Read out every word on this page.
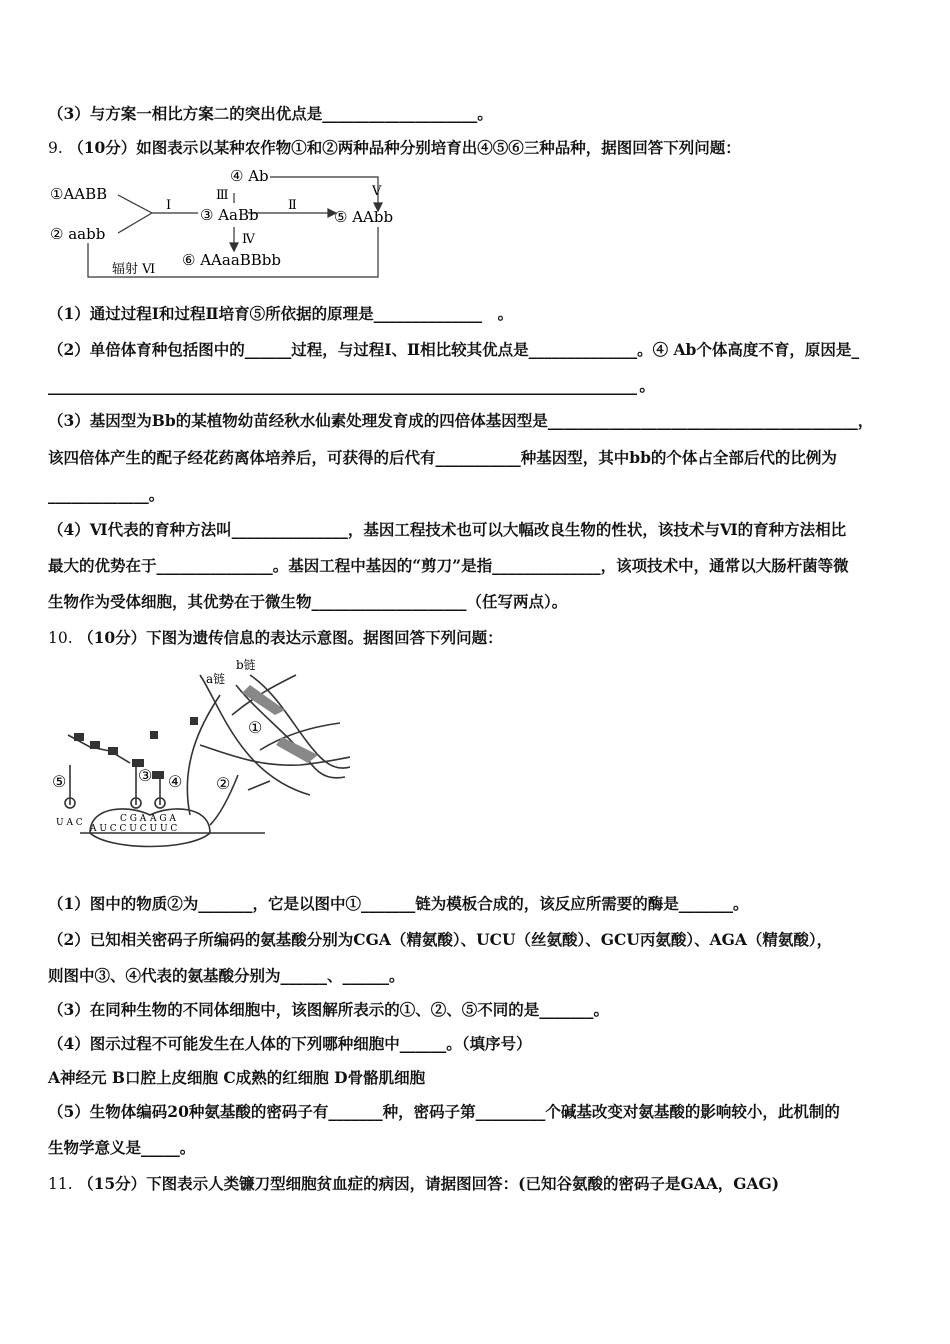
（3）与方案一相比方案二的突出优点是____________________。
9. （10分）如图表示以某种农作物①和②两种品种分别培育出④⑤⑥三种品种，据图回答下列问题：
①AABB
② aabb
③ AaBb
④ Ab
⑤ AAbb
⑥ AAaaBBbb
Ⅰ	Ⅱ
Ⅲ
Ⅳ
Ⅴ
辐射 Ⅵ
（1）通过过程Ⅰ和过程Ⅱ培育⑤所依据的原理是______________　。
（2）单倍体育种包括图中的______过程，与过程Ⅰ、Ⅱ相比较其优点是______________。④ Ab个体高度不育，原因是_
______________________________________________________________________________________________ 。
（3）基因型为Bb的某植物幼苗经秋水仙素处理发育成的四倍体基因型是________________________________________，
该四倍体产生的配子经花药离体培养后，可获得的后代有___________种基因型，其中bb的个体占全部后代的比例为
_____________。
（4）Ⅵ代表的育种方法叫_______________，基因工程技术也可以大幅改良生物的性状，该技术与Ⅵ的育种方法相比
最大的优势在于_______________。基因工程中基因的“剪刀”是指______________，该项技术中，通常以大肠杆菌等微
生物作为受体细胞，其优势在于微生物____________________（任写两点）。
10. （10分）下图为遗传信息的表达示意图。据图回答下列问题：
b链
a链
①
②
③ ④
⑤
U A C	C G A A G A
A U C C U C U U C
（1）图中的物质②为_______，它是以图中①_______链为模板合成的，该反应所需要的酶是_______。
（2）已知相关密码子所编码的氨基酸分别为CGA（精氨酸）、UCU（丝氨酸）、GCU丙氨酸）、AGA（精氨酸），
则图中③、④代表的氨基酸分别为______、______。
（3）在同种生物的不同体细胞中，该图解所表示的①、②、⑤不同的是_______。
（4）图示过程不可能发生在人体的下列哪种细胞中______。（填序号）
A神经元 B口腔上皮细胞 C成熟的红细胞 D骨骼肌细胞
（5）生物体编码20种氨基酸的密码子有_______种，密码子第_________个碱基改变对氨基酸的影响较小，此机制的
生物学意义是_____。
11. （15分）下图表示人类镰刀型细胞贫血症的病因，请据图回答：(已知谷氨酸的密码子是GAA，GAG)
